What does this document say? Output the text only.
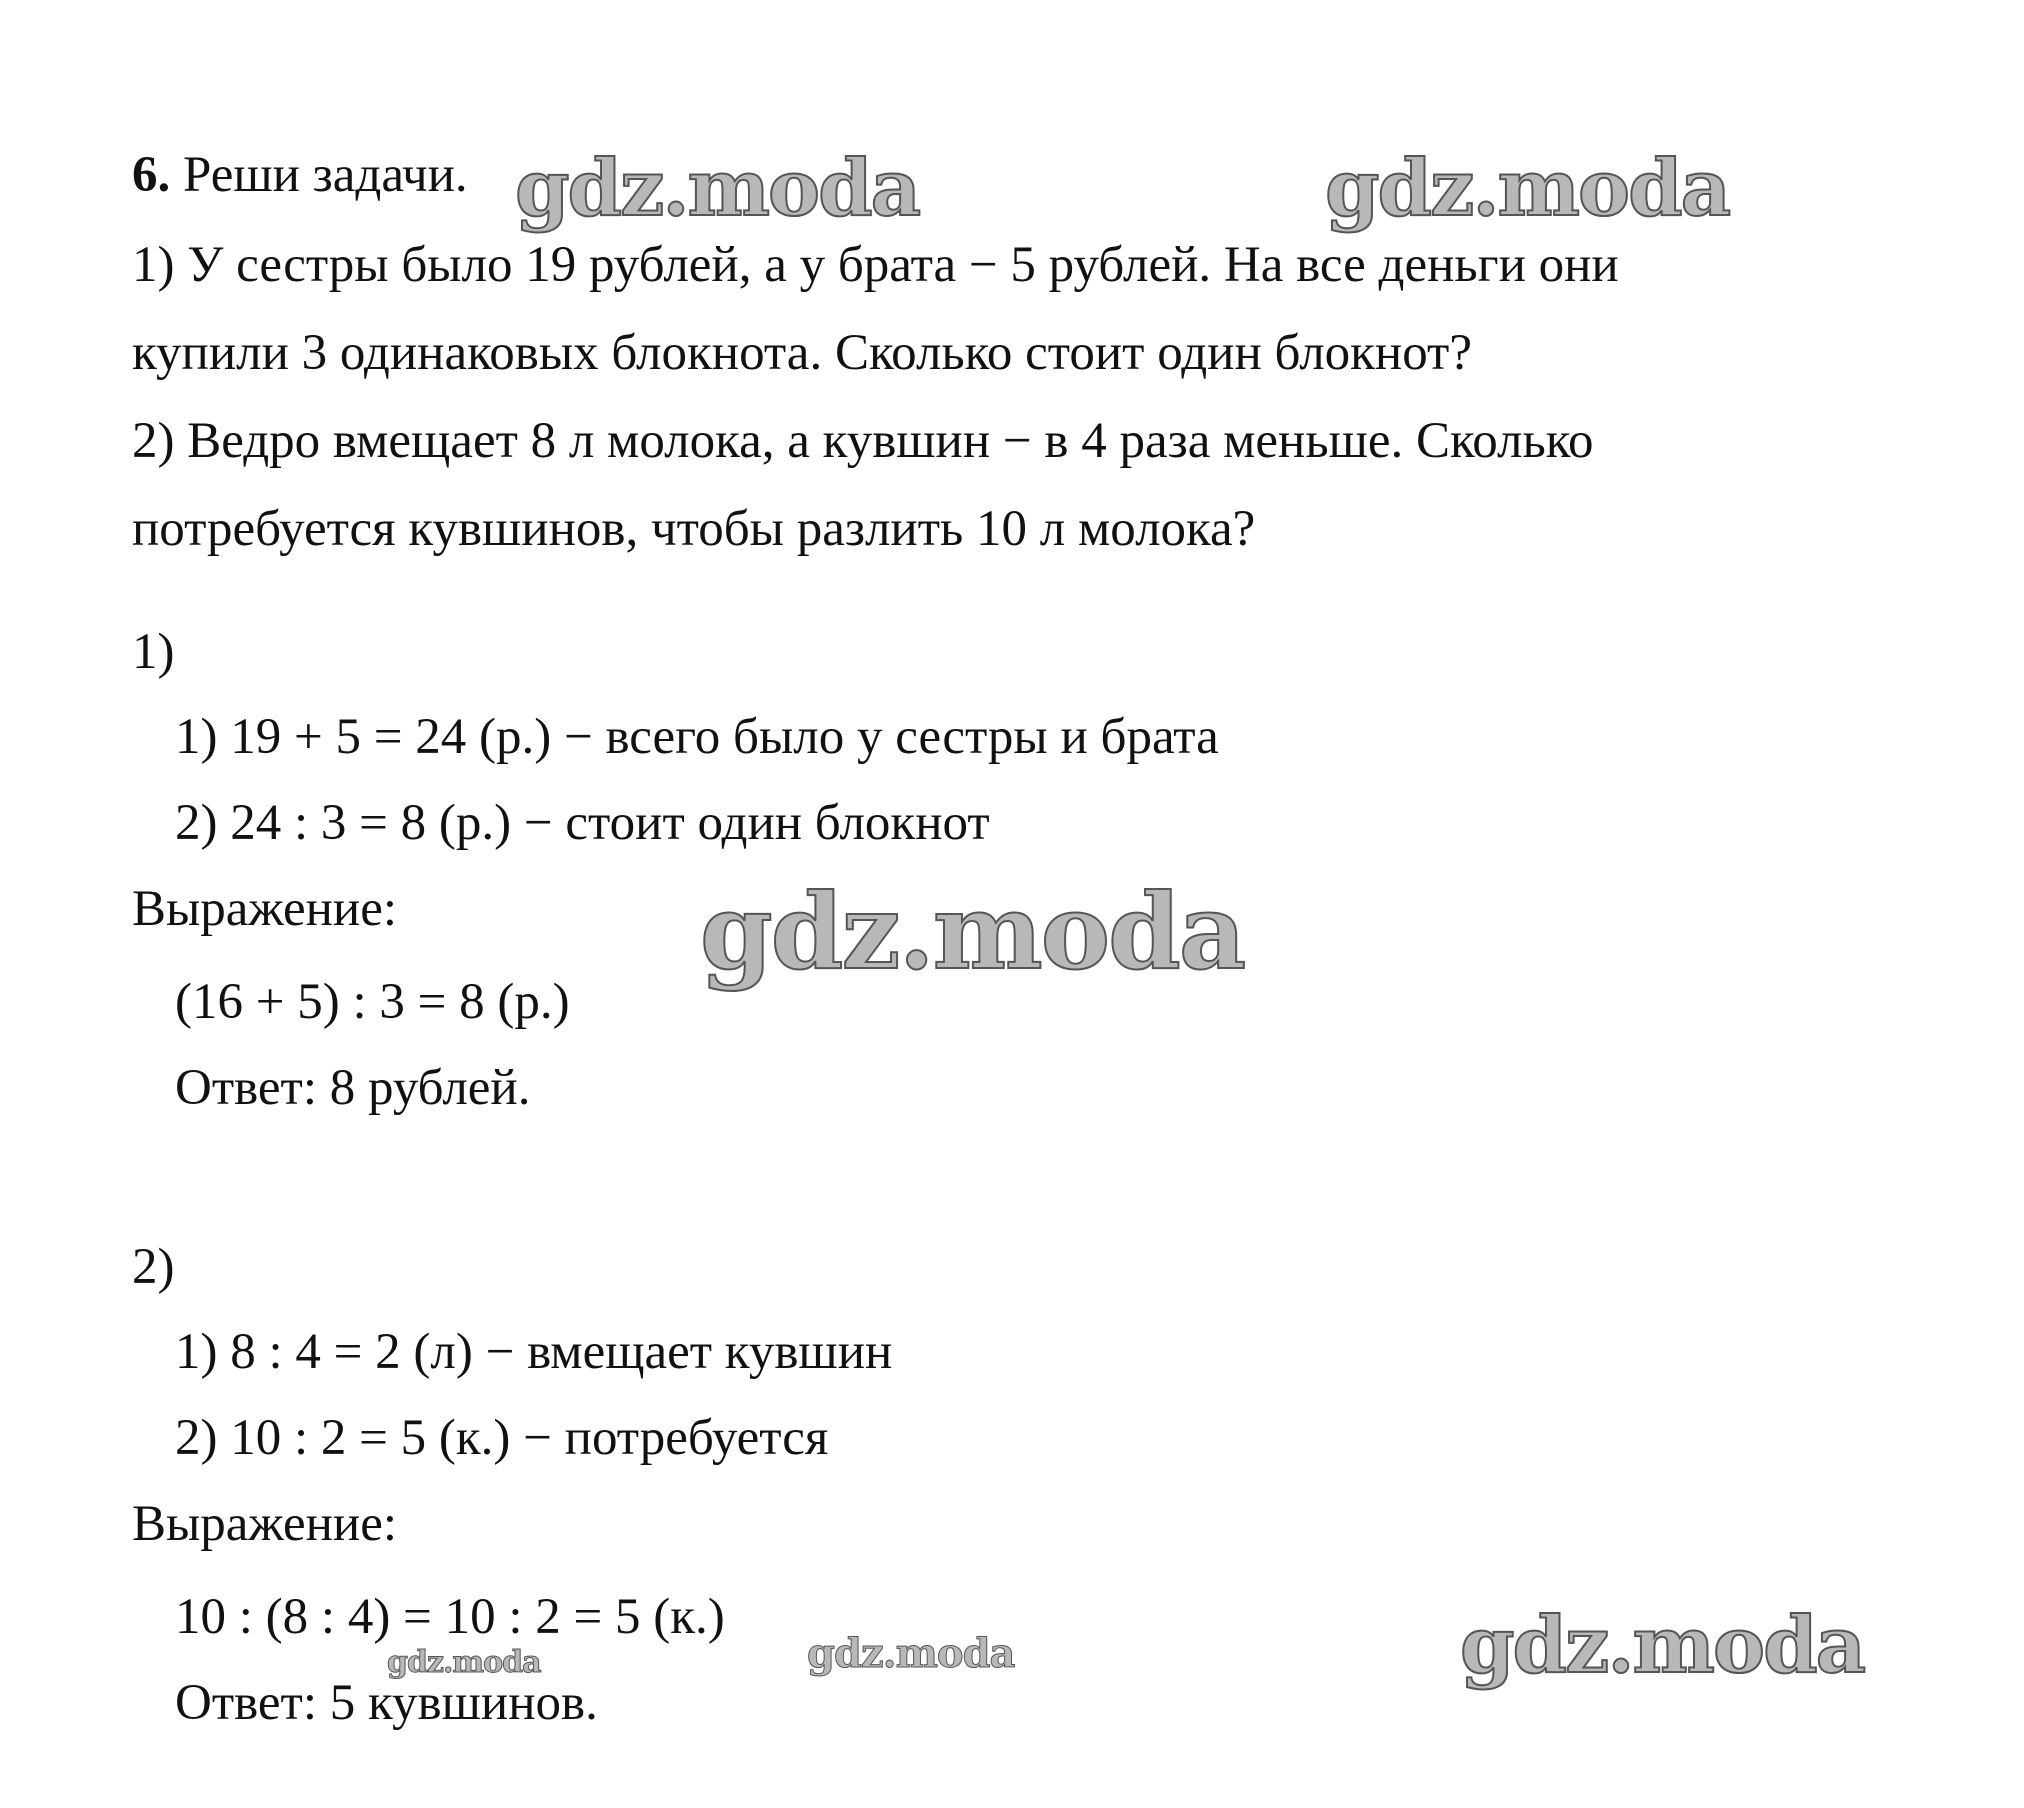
6. Реши задачи.
1) У сестры было 19 рублей, а у брата − 5 рублей. На все деньги они
купили 3 одинаковых блокнота. Сколько стоит один блокнот?
2) Ведро вмещает 8 л молока, а кувшин − в 4 раза меньше. Сколько
потребуется кувшинов, чтобы разлить 10 л молока?
1)
1) 19 + 5 = 24 (р.) − всего было у сестры и брата
2) 24 : 3 = 8 (р.) − стоит один блокнот
Выражение:
(16 + 5) : 3 = 8 (р.)
Ответ: 8 рублей.
2)
1) 8 : 4 = 2 (л) − вмещает кувшин
2) 10 : 2 = 5 (к.) − потребуется
Выражение:
10 : (8 : 4) = 10 : 2 = 5 (к.)
Ответ: 5 кувшинов.
gdz.moda	gdz.moda
gdz.moda
gdz.moda
gdz.moda
gdz.moda
